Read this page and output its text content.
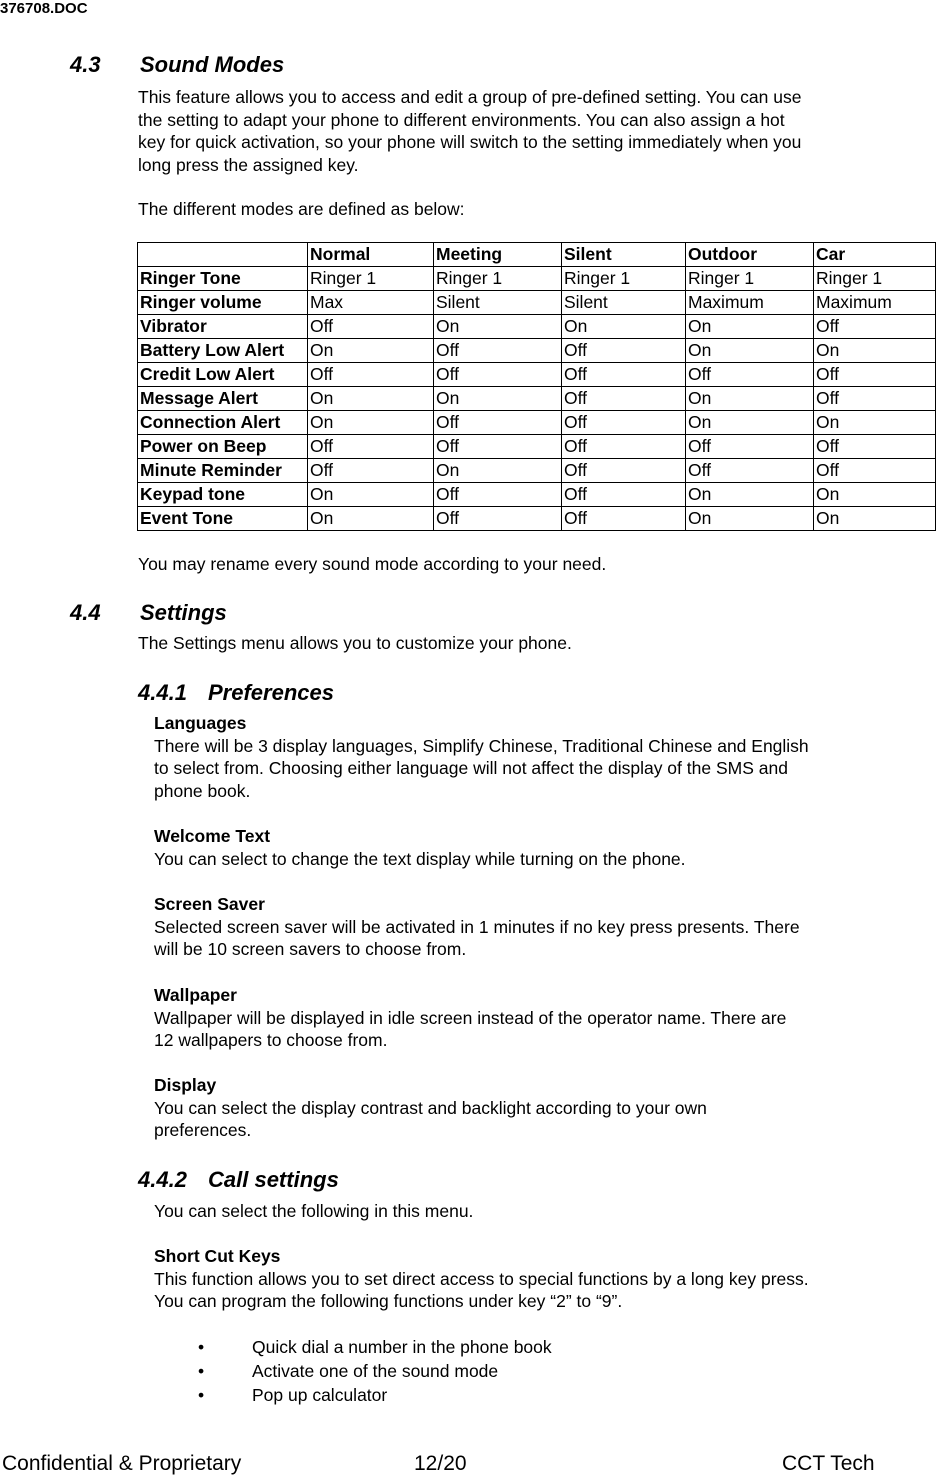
376708.DOC
4.3 Sound Modes
This feature allows you to access and edit a group of pre-defined setting. You can use
the setting to adapt your phone to different environments. You can also assign a hot
key for quick activation, so your phone will switch to the setting immediately when you
long press the assigned key.
The different modes are defined as below:
	Normal	Meeting	Silent	Outdoor	Car
Ringer Tone	Ringer 1	Ringer 1	Ringer 1	Ringer 1	Ringer 1
Ringer volume	Max	Silent	Silent	Maximum	Maximum
Vibrator	Off	On	On	On	Off
Battery Low Alert	On	Off	Off	On	On
Credit Low Alert	Off	Off	Off	Off	Off
Message Alert	On	On	Off	On	Off
Connection Alert	On	Off	Off	On	On
Power on Beep	Off	Off	Off	Off	Off
Minute Reminder	Off	On	Off	Off	Off
Keypad tone	On	Off	Off	On	On
Event Tone	On	Off	Off	On	On
You may rename every sound mode according to your need.
4.4 Settings
The Settings menu allows you to customize your phone.
4.4.1 Preferences
Languages
There will be 3 display languages, Simplify Chinese, Traditional Chinese and English
to select from. Choosing either language will not affect the display of the SMS and
phone book.
Welcome Text
You can select to change the text display while turning on the phone.
Screen Saver
Selected screen saver will be activated in 1 minutes if no key press presents. There
will be 10 screen savers to choose from.
Wallpaper
Wallpaper will be displayed in idle screen instead of the operator name. There are
12 wallpapers to choose from.
Display
You can select the display contrast and backlight according to your own
preferences.
4.4.2 Call settings
You can select the following in this menu.
Short Cut Keys
This function allows you to set direct access to special functions by a long key press.
You can program the following functions under key “2” to “9”.
•	Quick dial a number in the phone book
•	Activate one of the sound mode
•	Pop up calculator
Confidential & Proprietary	12/20	CCT Tech
